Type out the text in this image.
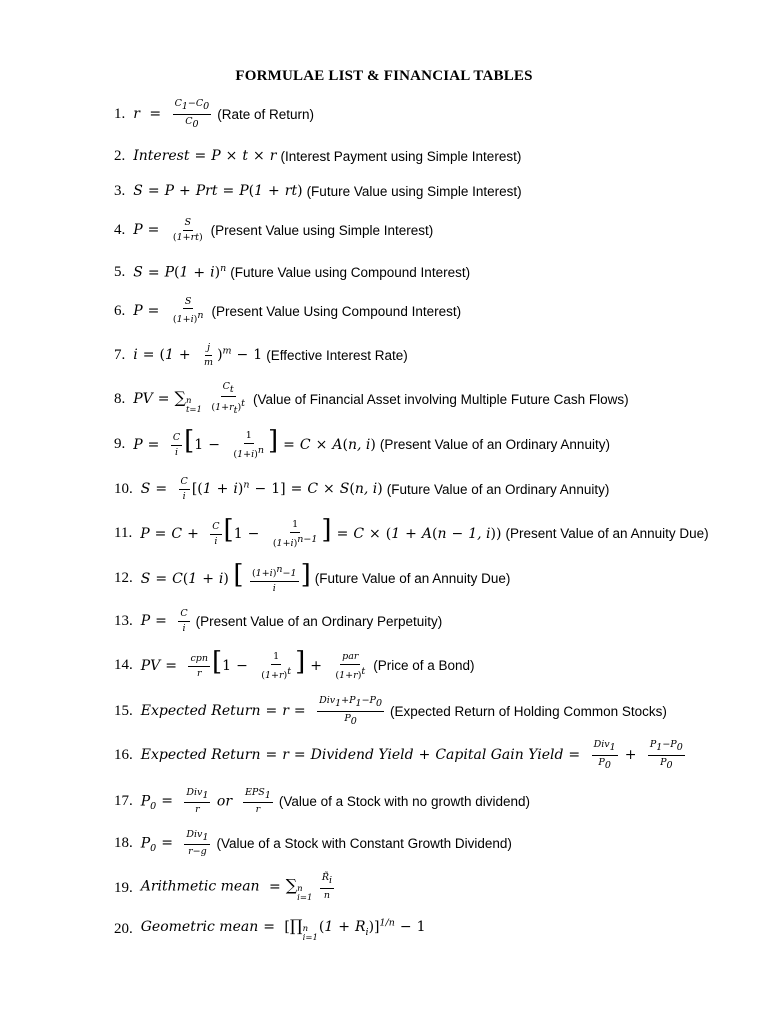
FORMULAE LIST & FINANCIAL TABLES
1. $r = \frac{C1-C0}{C0}$ (Rate of Return)
2. Interest = P × t × r (Interest Payment using Simple Interest)
3. S = P + Prt = P(1 + rt) (Future Value using Simple Interest)
4. $P = \frac{S}{(1+rt)}$ (Present Value using Simple Interest)
5. $S = P(1 + i)^n$ (Future Value using Compound Interest)
6. $P = \frac{S}{(1+i)n}$ (Present Value Using Compound Interest)
7. $i = (1 + \frac{j}{m} )^m - 1$ (Effective Interest Rate)
8. PV = ∑ n
t=1
$\frac{Ct}{(1+rt)t}$ (Value of Financial Asset involving Multiple Future Cash Flows)
9. $P = \frac{C}{i} [1 - \frac{1}{(1+i)n}$ ] = C × A(n, i) (Present Value of an Ordinary Annuity)
10. $S = \frac{C}{i} [(1 + i)^n - 1] = C \times S(n$, i) (Future Value of an Ordinary Annuity)
11. $P = C + \frac{C}{i} [1 - \frac{1}{(1+i)n-1}$ ] = C × (1 + A(n − 1, i)) (Present Value of an Annuity Due)
12. S = C(1 + i) [ $\frac{(1+i)n-1}{i}$ ] (Future Value of an Annuity Due)
13. $P = \frac{C}{i}$ (Present Value of an Ordinary Perpetuity)
14. PV = $\frac{\text{cpn}}{r} [1 - \frac{1}{(1+r)t}$ ] + $\frac{\text{par}}{(1+r)t}$ (Price of a Bond)
15. Expected Return = $r = \frac{\text{Div1+P1−P0}}{P0}$ (Expected Return of Holding Common Stocks)
16. Expected Return = r = Dividend Yield + Capital Gain Yield = $\frac{\text{Div1}}{P0} + \frac{P1-P0}{P0}$
17. $P_0 = \frac{\text{Div1}}{r}$ or $\frac{\text{EPS1}}{r}$ (Value of a Stock with no growth dividend)
18. $P_0 = \frac{\text{Div1}}{r-g}$ (Value of a Stock with Constant Growth Dividend)
19. Arithmetic mean = ∑ n
i=1
$\frac{R̃i}{n}$
20. Geometric mean = [∏ n
i=1
$(1 + R_i)]^{1/n} - 1$
